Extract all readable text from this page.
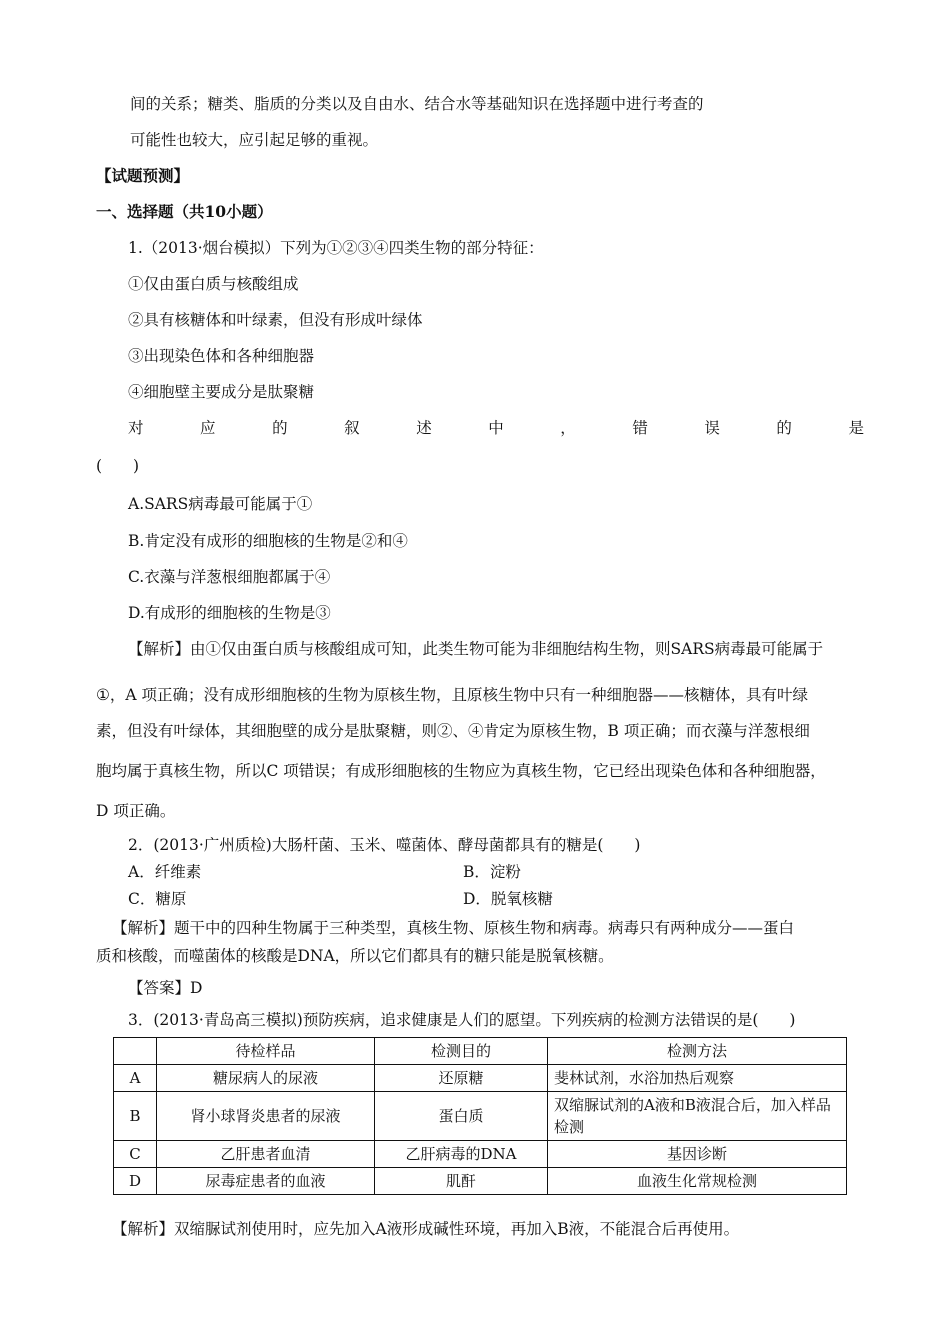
间的关系；糖类、脂质的分类以及自由水、结合水等基础知识在选择题中进行考查的
可能性也较大，应引起足够的重视。
【试题预测】
一、选择题（共10小题）
1.（2013·烟台模拟）下列为①②③④四类生物的部分特征：
①仅由蛋白质与核酸组成
②具有核糖体和叶绿素，但没有形成叶绿体
③出现染色体和各种细胞器
④细胞壁主要成分是肽聚糖
对	应	的	叙	述	中	，	错	误	的	是
(　　)
A.SARS病毒最可能属于①
B.肯定没有成形的细胞核的生物是②和④
C.衣藻与洋葱根细胞都属于④
D.有成形的细胞核的生物是③
【解析】由①仅由蛋白质与核酸组成可知，此类生物可能为非细胞结构生物，则SARS病毒最可能属于
①，A 项正确；没有成形细胞核的生物为原核生物，且原核生物中只有一种细胞器——核糖体，具有叶绿
素，但没有叶绿体，其细胞壁的成分是肽聚糖，则②、④肯定为原核生物，B 项正确；而衣藻与洋葱根细
胞均属于真核生物，所以C 项错误；有成形细胞核的生物应为真核生物，它已经出现染色体和各种细胞器，
D 项正确。
2．(2013·广州质检)大肠杆菌、玉米、噬菌体、酵母菌都具有的糖是(　　)
A．纤维素	B．淀粉
C．糖原	D．脱氧核糖
【解析】题干中的四种生物属于三种类型，真核生物、原核生物和病毒。病毒只有两种成分——蛋白
质和核酸，而噬菌体的核酸是DNA，所以它们都具有的糖只能是脱氧核糖。
【答案】D
3．(2013·青岛高三模拟)预防疾病，追求健康是人们的愿望。下列疾病的检测方法错误的是(　　)
	待检样品	检测目的	检测方法
A	糖尿病人的尿液	还原糖	斐林试剂，水浴加热后观察
B	肾小球肾炎患者的尿液	蛋白质	双缩脲试剂的A液和B液混合后，加入样品检测
C	乙肝患者血清	乙肝病毒的DNA	基因诊断
D	尿毒症患者的血液	肌酐	血液生化常规检测
【解析】双缩脲试剂使用时，应先加入A液形成碱性环境，再加入B液，不能混合后再使用。
